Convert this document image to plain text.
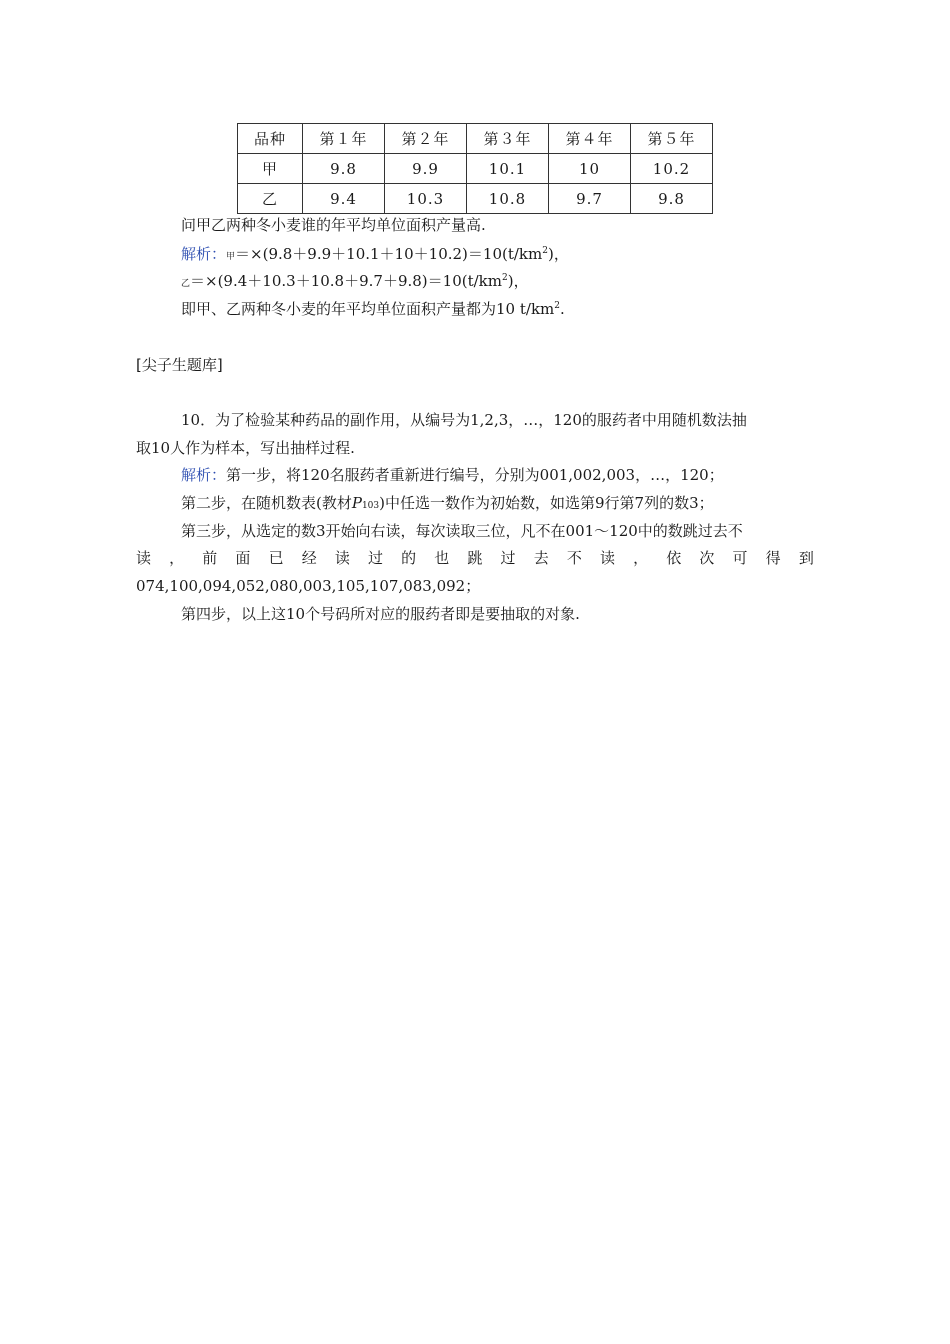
品种	第１年	第２年	第３年	第４年	第５年
甲	9.8	9.9	10.1	10	10.2
乙	9.4	10.3	10.8	9.7	9.8
问甲乙两种冬小麦谁的年平均单位面积产量高.
解析：甲$=\times(9.8+9.9+10.1+10+10.2)=10(t/km^2)$，
乙$=\times(9.4+10.3+10.8+9.7+9.8)=10(t/km^2)$，
即甲、乙两种冬小麦的年平均单位面积产量都为10 $t/km^2$.
[尖子生题库]
10．为了检验某种药品的副作用，从编号为1,2,3，…，120的服药者中用随机数法抽
取10人作为样本，写出抽样过程.
解析：第一步，将120名服药者重新进行编号，分别为001,002,003，…，120；
第二步，在随机数表(教材P103)中任选一数作为初始数，如选第9行第7列的数3；
第三步，从选定的数3开始向右读，每次读取三位，凡不在001～120中的数跳过去不
读 ， 前 面 已 经 读 过 的 也 跳 过 去 不 读 ， 依 次 可 得 到
074,100,094,052,080,003,105,107,083,092；
第四步，以上这10个号码所对应的服药者即是要抽取的对象.
